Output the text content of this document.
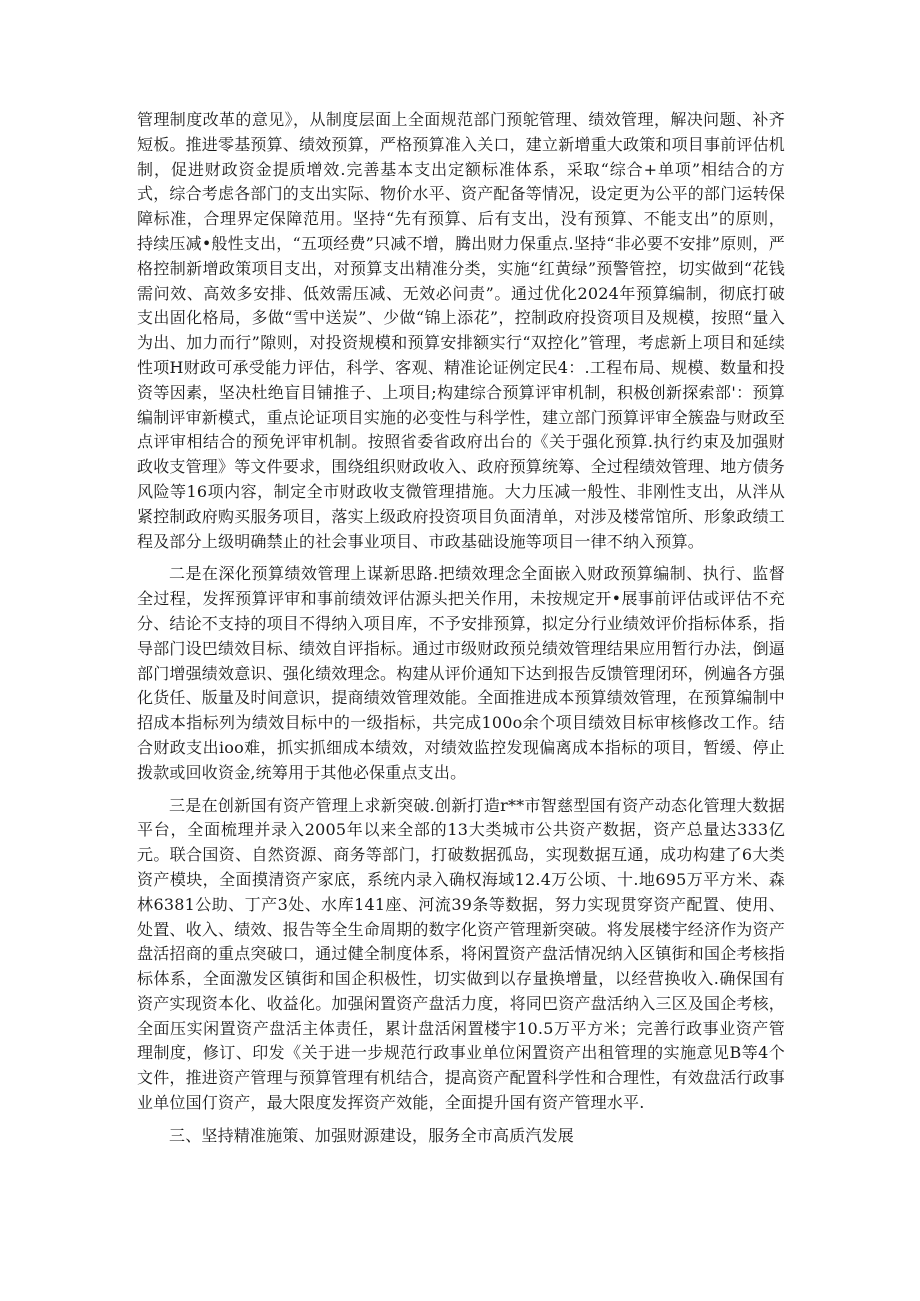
管理制度改革的意见》，从制度层面上全面规范部门预鸵管理、绩效管理，解决问题、补齐短板。推进零基预算、绩效预算，严格预算准入关口，建立新增重大政策和项目事前评估机制，促进财政资金提质增效.完善基本支出定额标准体系，采取“综合+单项”相结合的方式，综合考虑各部门的支出实际、物价水平、资产配备等情况，设定更为公平的部门运转保障标准，合理界定保障范用。坚持“先有预算、后有支出，没有预算、不能支出”的原则，持续压减•般性支出，“五项经费”只减不增，腾出财力保重点.坚持“非必要不安排”原则，严格控制新增政策项目支出，对预算支出精准分类，实施“红黄绿”预警管控，切实做到“花钱需问效、高效多安排、低效需压减、无效必问责”。通过优化2024年预算编制，彻底打破支出固化格局，多做“雪中送炭”、少做“锦上添花”，控制政府投资项目及规模，按照“量入为出、加力而行”隙则，对投资规模和预算安排额实行“双控化”管理，考虑新上项目和延续性项H财政可承受能力评估，科学、客观、精准论证例定民4：.工程布局、规模、数量和投资等因素，坚决杜绝盲目铺推子、上项目;构建综合预算评审机制，积极创新探索部'：预算编制评审新模式，重点论证项目实施的必变性与科学性，建立部门预算评审全簇盎与财政至点评审相结合的预免评审机制。按照省委省政府出台的《关于强化预算.执行约束及加强财政收支管理》等文件要求，围绕组织财政收入、政府预算统筹、全过程绩效管理、地方债务风险等16项内容，制定全市财政收支微管理措施。大力压减一般性、非刚性支出，从泮从紧控制政府购买服务项目，落实上级政府投资项目负面清单，对涉及楼常馆所、形象政绩工程及部分上级明确禁止的社会事业项目、市政基础设施等项目一律不纳入预算。

二是在深化预算绩效管理上谋新思路.把绩效理念全面嵌入财政预算编制、执行、监督全过程，发挥预算评审和事前绩效评估源头把关作用，未按规定开•展事前评估或评估不充分、结论不支持的项目不得纳入项目库，不予安排预算，拟定分行业绩效评价指标体系，指导部门设巴绩效目标、绩效自评指标。通过市级财政预兑绩效管理结果应用暂行办法，倒逼部门增强绩效意识、强化绩效理念。构建从评价通知下达到报告反馈管理闭环，例遍各方强化货任、版量及时间意识，提商绩效管理效能。全面推进成本预算绩效管理，在预算编制中招成本指标列为绩效目标中的一级指标，共完成100o余个项目绩效目标审核修改工作。结合财政支出ioo难，抓实抓细成本绩效，对绩效监控发现偏离成本指标的项目，暂缓、停止拨款或回收资金,统筹用于其他必保重点支出。

三是在创新国有资产管理上求新突破.创新打造r**市智慈型国有资产动态化管理大数据平台，全面梳理并录入2005年以来全部的13大类城市公共资产数据，资产总量达333亿元。联合国资、自然资源、商务等部门，打破数据孤岛，实现数据互通，成功构建了6大类资产模块，全面摸清资产家底，系统内录入确权海域12.4万公顷、十.地695万平方米、森林6381公助、丁产3处、水库141座、河流39条等数据，努力实现贯穿资产配置、使用、处置、收入、绩效、报告等全生命周期的数字化资产管理新突破。将发展楼宇经济作为资产盘活招商的重点突破口，通过健全制度体系，将闲置资产盘活情况纳入区镇街和国企考核指标体系，全面激发区镇街和国企积极性，切实做到以存量换增量，以经营换收入.确保国有资产实现资本化、收益化。加强闲置资产盘活力度，将同巴资产盘活纳入三区及国企考核，全面压实闲置资产盘活主体责任，累计盘活闲置楼宇10.5万平方米；完善行政事业资产管理制度，修订、印发《关于进一步规范行政事业单位闲置资产出租管理的实施意见B等4个文件，推进资产管理与预算管理有机结合，提高资产配置科学性和合理性，有效盘活行政事业单位国仃资产，最大限度发挥资产效能，全面提升国有资产管理水平.

三、坚持精准施策、加强财源建设，服务全市高质汽发展
